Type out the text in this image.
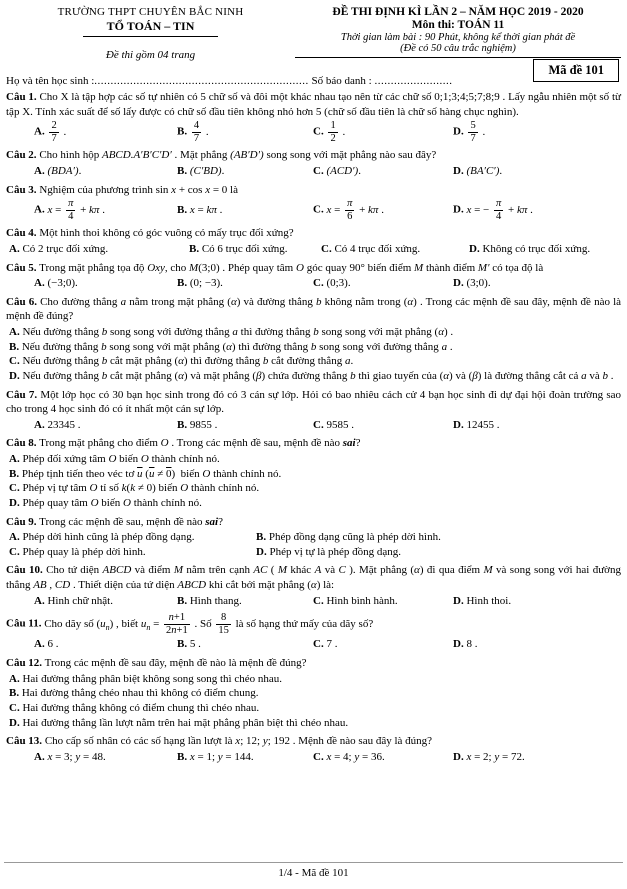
TRƯỜNG THPT CHUYÊN BẮC NINH
TỔ TOÁN – TIN
Đề thi gồm 04 trang
ĐỀ THI ĐỊNH KÌ LẦN 2 – NĂM HỌC 2019 - 2020
Môn thi: TOÁN 11
Thời gian làm bài : 90 Phút, không kể thời gian phát đề
(Đề có 50 câu trắc nghiệm)
Họ và tên học sinh :.................................................................. Số báo danh : ........................
Mã đề 101
Câu 1. Cho X là tập hợp các số tự nhiên có 5 chữ số và đôi một khác nhau tạo nên từ các chữ số 0;1;3;4;5;7;8;9 . Lấy ngẫu nhiên một số từ tập X. Tính xác suất để số lấy được có chữ số đầu tiên không nhỏ hơn 5 (chữ số đầu tiên là chữ số hàng chục nghìn).
A. $\frac{2}{7}$ .	B. $\frac{4}{7}$ .	C. $\frac{1}{2}$ .	D. $\frac{5}{7}$ .
Câu 2. Cho hình hộp ABCD.A′B′C′D′ . Mặt phẳng (AB′D′) song song với mặt phẳng nào sau đây?
A. (BDA′).	B. (C′BD).	C. (ACD′).	D. (BA′C′).
Câu 3. Nghiệm của phương trình sin x + cos x = 0 là
A. $x = \frac{\pi}{4} + k\pi$ .	B. x = kπ .	C. $x = \frac{\pi}{6} + k\pi$ .	D. x = − $\frac{\pi}{4} + k\pi$ .
Câu 4. Một hình thoi không có góc vuông có mấy trục đối xứng?
A. Có 2 trục đối xứng.	B. Có 6 trục đối xứng.	C. Có 4 trục đối xứng.	D. Không có trục đối xứng.
Câu 5. Trong mặt phẳng tọa độ Oxy, cho M(3;0) . Phép quay tâm O góc quay 90° biến điểm M thành điểm M′ có tọa độ là
A. (−3;0).	B. (0; −3).	C. (0;3).	D. (3;0).
Câu 6. Cho đường thẳng a nằm trong mặt phẳng (α) và đường thẳng b không nằm trong (α) . Trong các mệnh đề sau đây, mệnh đề nào là mệnh đề đúng?
A. Nếu đường thẳng b song song với đường thẳng a thì đường thẳng b song song với mặt phẳng (α) .
B. Nếu đường thẳng b song song với mặt phẳng (α) thì đường thẳng b song song với đường thẳng a .
C. Nếu đường thẳng b cắt mặt phẳng (α) thì đường thẳng b cắt đường thẳng a.
D. Nếu đường thẳng b cắt mặt phẳng (α) và mặt phẳng (β) chứa đường thẳng b thì giao tuyến của (α) và (β) là đường thẳng cắt cả a và b .
Câu 7. Một lớp học có 30 bạn học sinh trong đó có 3 cán sự lớp. Hỏi có bao nhiêu cách cử 4 bạn học sinh đi dự đại hội đoàn trường sao cho trong 4 học sinh đó có ít nhất một cán sự lớp.
A. 23345 .	B. 9855 .	C. 9585 .	D. 12455 .
Câu 8. Trong mặt phẳng cho điểm O . Trong các mệnh đề sau, mệnh đề nào sai?
A. Phép đối xứng tâm O biến O thành chính nó.
B. Phép tịnh tiến theo véc tơ $\overline{u}$ $(\overline{u} \ne 0)$  biến O thành chính nó.
C. Phép vị tự tâm O tỉ số k(k ≠ 0) biến O thành chính nó.
D. Phép quay tâm O biến O thành chính nó.
Câu 9. Trong các mệnh đề sau, mệnh đề nào sai?
A. Phép dời hình cũng là phép đồng dạng.	B. Phép đồng dạng cũng là phép dời hình.
C. Phép quay là phép dời hình.	D. Phép vị tự là phép đồng dạng.
Câu 10. Cho tứ diện ABCD và điểm M nằm trên cạnh AC ( M khác A và C ). Mặt phẳng (α) đi qua điểm M và song song với hai đường thẳng AB , CD . Thiết diện của tứ diện ABCD khi cắt bởi mặt phẳng (α) là:
A. Hình chữ nhật.	B. Hình thang.	C. Hình bình hành.	D. Hình thoi.
Câu 11. Cho dãy số $(u_n)$ , biết $u_n = \frac{n+1}{2n+1}$ . Số $\frac{8}{15}$ là số hạng thứ mấy của dãy số?
A. 6 .	B. 5 .	C. 7 .	D. 8 .
Câu 12. Trong các mệnh đề sau đây, mệnh đề nào là mệnh đề đúng?
A. Hai đường thẳng phân biệt không song song thì chéo nhau.
B. Hai đường thẳng chéo nhau thì không có điểm chung.
C. Hai đường thẳng không có điểm chung thì chéo nhau.
D. Hai đường thẳng lần lượt nằm trên hai mặt phẳng phân biệt thì chéo nhau.
Câu 13. Cho cấp số nhân có các số hạng lần lượt là x; 12; y; 192 . Mệnh đề nào sau đây là đúng?
A. x = 3; y = 48.	B. x = 1; y = 144.	C. x = 4; y = 36.	D. x = 2; y = 72.
1/4 - Mã đề 101
